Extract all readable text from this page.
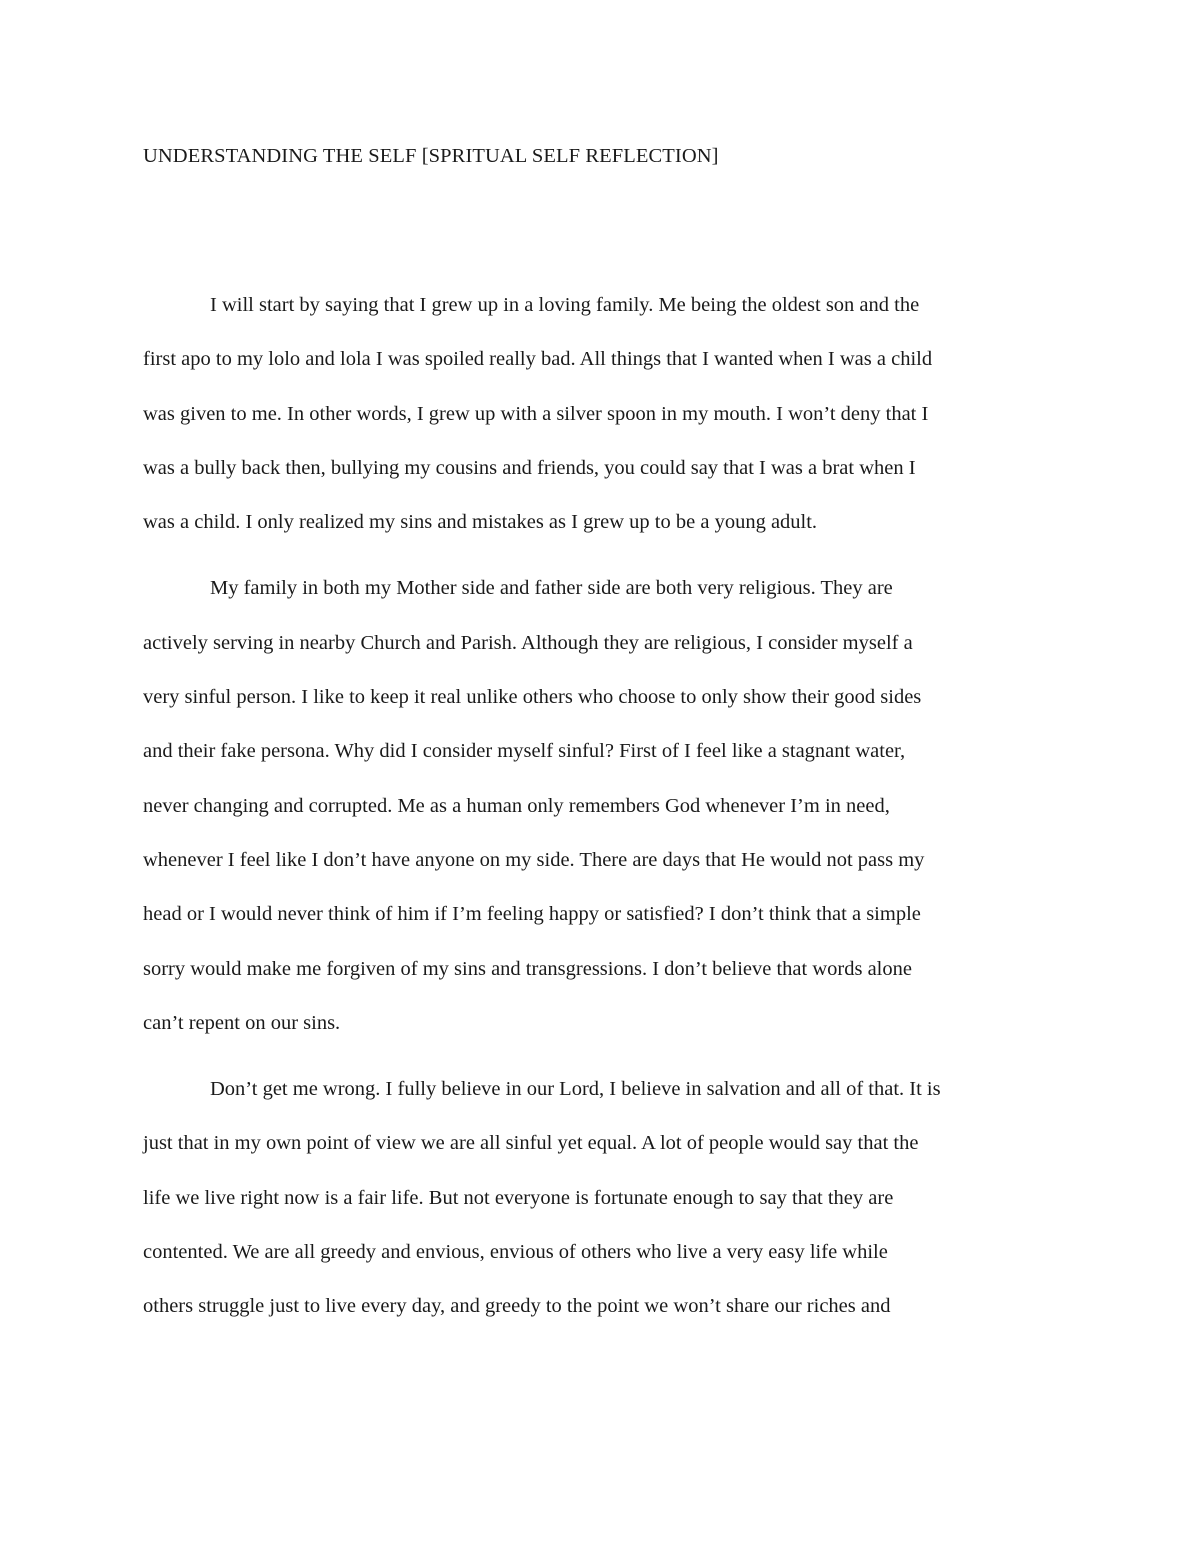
UNDERSTANDING THE SELF [SPRITUAL SELF REFLECTION]

I will start by saying that I grew up in a loving family. Me being the oldest son and the
first apo to my lolo and lola I was spoiled really bad. All things that I wanted when I was a child
was given to me. In other words, I grew up with a silver spoon in my mouth. I won’t deny that I
was a bully back then, bullying my cousins and friends, you could say that I was a brat when I
was a child. I only realized my sins and mistakes as I grew up to be a young adult.

My family in both my Mother side and father side are both very religious. They are
actively serving in nearby Church and Parish. Although they are religious, I consider myself a
very sinful person. I like to keep it real unlike others who choose to only show their good sides
and their fake persona. Why did I consider myself sinful? First of I feel like a stagnant water,
never changing and corrupted. Me as a human only remembers God whenever I’m in need,
whenever I feel like I don’t have anyone on my side. There are days that He would not pass my
head or I would never think of him if I’m feeling happy or satisfied? I don’t think that a simple
sorry would make me forgiven of my sins and transgressions. I don’t believe that words alone
can’t repent on our sins.

Don’t get me wrong. I fully believe in our Lord, I believe in salvation and all of that. It is
just that in my own point of view we are all sinful yet equal. A lot of people would say that the
life we live right now is a fair life. But not everyone is fortunate enough to say that they are
contented. We are all greedy and envious, envious of others who live a very easy life while
others struggle just to live every day, and greedy to the point we won’t share our riches and
